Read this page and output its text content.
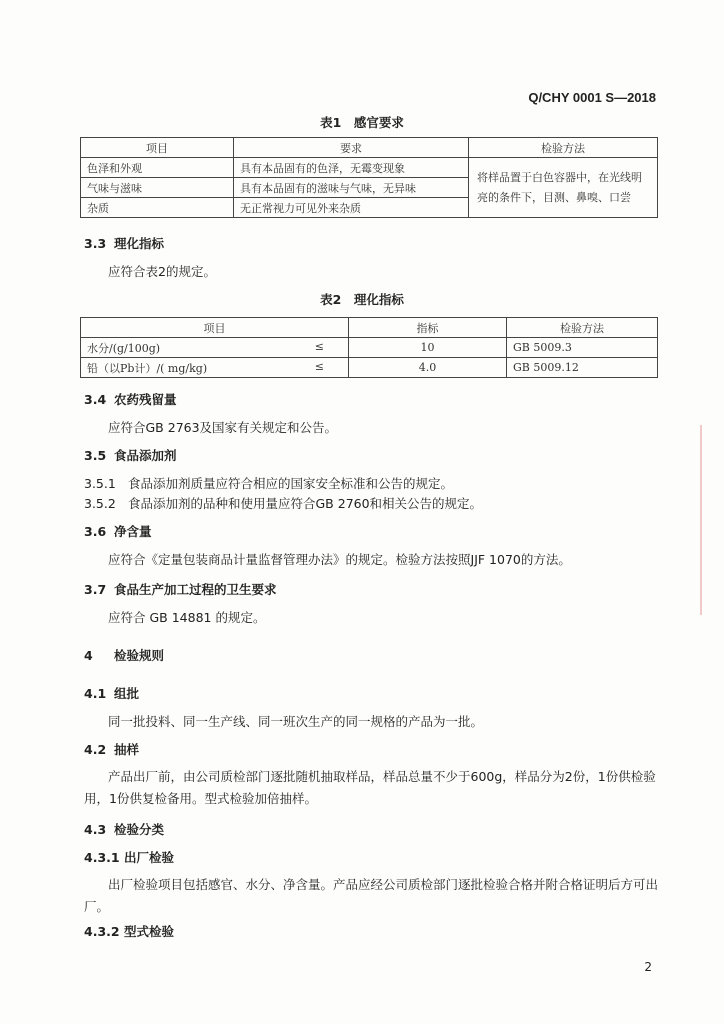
Q/CHY 0001 S—2018
表1　感官要求
项目	要求	检验方法
色泽和外观	具有本品固有的色泽，无霉变现象	将样品置于白色容器中，在光线明亮的条件下，目测、鼻嗅、口尝
气味与滋味	具有本品固有的滋味与气味，无异味	
杂质	无正常视力可见外来杂质	
3.3 理化指标
应符合表2的规定。
表2　理化指标
项目	指标	检验方法
水分/(g/100g) ≤	10	GB 5009.3
铅（以Pb计）/( mg/kg) ≤	4.0	GB 5009.12
3.4 农药残留量
应符合GB 2763及国家有关规定和公告。
3.5 食品添加剂
3.5.1 食品添加剂质量应符合相应的国家安全标准和公告的规定。
3.5.2 食品添加剂的品种和使用量应符合GB 2760和相关公告的规定。
3.6 净含量
应符合《定量包装商品计量监督管理办法》的规定。检验方法按照JJF 1070的方法。
3.7 食品生产加工过程的卫生要求
应符合 GB 14881 的规定。
4 检验规则
4.1 组批
同一批投料、同一生产线、同一班次生产的同一规格的产品为一批。
4.2 抽样
产品出厂前，由公司质检部门逐批随机抽取样品，样品总量不少于600g，样品分为2份，1份供检验用，1份供复检备用。型式检验加倍抽样。
4.3 检验分类
4.3.1 出厂检验
出厂检验项目包括感官、水分、净含量。产品应经公司质检部门逐批检验合格并附合格证明后方可出厂。
4.3.2 型式检验
2
